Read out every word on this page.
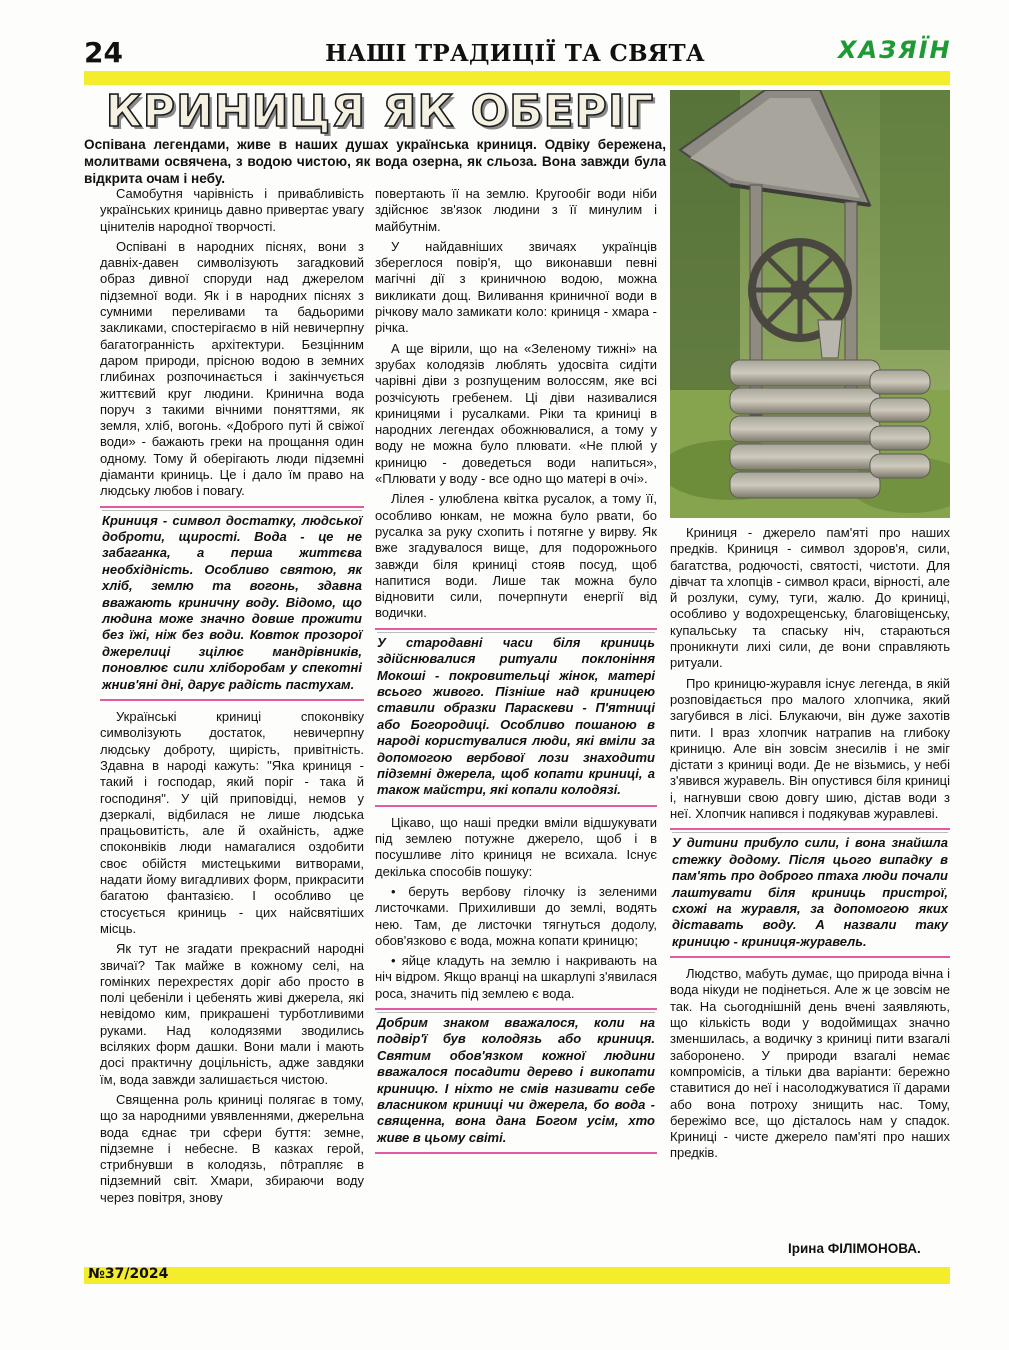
24	НАШІ ТРАДИЦІЇ ТА СВЯТА	ХАЗЯЇН
КРИНИЦЯ ЯК ОБЕРІГ
Оспівана легендами, живе в наших душах українська криниця. Одвіку бережена, молитвами освячена, з водою чистою, як вода озерна, як сльоза. Вона завжди була відкрита очам і небу.

Самобутня чарівність і привабливість українських криниць давно привертає увагу цінителів народної творчості.

Оспівані в народних піснях, вони з давніх-давен символізують загадковий образ дивної споруди над джерелом підземної води. Як і в народних піснях з сумними переливами та бадьорими закликами, спостерігаємо в ній невичерпну багатогранність архітектури. Безцінним даром природи, прісною водою в земних глибинах розпочинається і закінчується життєвий круг людини. Кринична вода поруч з такими вічними поняттями, як земля, хліб, вогонь. «Доброго путі й свіжої води» - бажають греки на прощання один одному. Тому й оберігають люди підземні діаманти криниць. Це і дало їм право на людську любов і повагу.

Криниця - символ достатку, людської доброти, щирості. Вода - це не забаганка, а перша життєва необхідність. Особливо святою, як хліб, землю та вогонь, здавна вважають криничну воду. Відомо, що людина може значно довше прожити без їжі, ніж без води. Ковток прозорої джерелиці зцілює мандрівників, поновлює сили хліборобам у спекотні жнив'яні дні, дарує радість пастухам.

Українські криниці споконвіку символізують достаток, невичерпну людську доброту, щирість, привітність. Здавна в народі кажуть: "Яка криниця - такий і господар, який поріг - така й господиня". У цій приповідці, немов у дзеркалі, відбилася не лише людська працьовитість, але й охайність, адже споконвіків люди намагалися оздобити своє обійстя мистецькими витворами, надати йому вигадливих форм, прикрасити багатою фантазією. І особливо це стосується криниць - цих найсвятіших місць.

Як тут не згадати прекрасний народні звичаї? Так майже в кожному селі, на гомінких перехрестях доріг або просто в полі цебеніли і цебенять живі джерела, які невідомо ким, прикрашені турботливими руками. Над колодязями зводились всіляких форм дашки. Вони мали і мають досі практичну доцільність, адже завдяки їм, вода завжди залишається чистою.

Священна роль криниці полягає в тому, що за народними увявленнями, джерельна вода єднає три сфери буття: земне, підземне і небесне. В казках герой, стрибнувши в колодязь, пôтрапляє в підземний світ. Хмари, збираючи воду через повітря, знову

повертають її на землю. Кругообіг води ніби здійснює зв'язок людини з її минулим і майбутнім.

У найдавніших звичаях українців збереглося повір'я, що виконавши певні магічні дії з криничною водою, можна викликати дощ. Виливання криничної води в річкову мало замикати коло: криниця - хмара - річка.

А ще вірили, що на «Зеленому тижні» на зрубах колодязів люблять удосвіта сидіти чарівні діви з розпущеним волоссям, яке всі розчісують гребенем. Ці діви називалися криницями і русалками. Ріки та криниці в народних легендах обожнювалися, а тому у воду не можна було плювати. «Не плюй у криницю - доведеться води напиться», «Плювати у воду - все одно що матері в очі».

Лілея - улюблена квітка русалок, а тому її, особливо юнкам, не можна було рвати, бо русалка за руку схопить і потягне у вирву. Як вже згадувалося вище, для подорожнього завжди біля криниці стояв посуд, щоб напитися води. Лише так можна було відновити сили, почерпнути енергії від водички.

У стародавні часи біля криниць здійснювалися ритуали поклоніння Мокоші - покровительці жінок, матері всього живого. Пізніше над криницею ставили образки Параскеви - П'ятниці або Богородиці. Особливо пошаною в народі користувалися люди, які вміли за допомогою вербової лози знаходити підземні джерела, щоб копати криниці, а також майстри, які копали колодязі.

Цікаво, що наші предки вміли відшукувати під землею потужне джерело, щоб і в посушливе літо криниця не всихала. Існує декілька способів пошуку:

• беруть вербову гілочку із зеленими листочками. Прихиливши до землі, водять нею. Там, де листочки тягнуться додолу, обов'язково є вода, можна копати криницю;

• яйце кладуть на землю і накривають на ніч відром. Якщо вранці на шкарлупі з'явилася роса, значить під землею є вода.

Добрим знаком вважалося, коли на подвір'ї був колодязь або криниця. Святим обов'язком кожної людини вважалося посадити дерево і викопати криницю. І ніхто не смів називати себе власником криниці чи джерела, бо вода - священна, вона дана Богом усім, хто живе в цьому світі.

Криниця - джерело пам'яті про наших предків. Криниця - символ здоров'я, сили, багатства, родючості, святості, чистоти. Для дівчат та хлопців - символ краси, вірності, але й розлуки, суму, туги, жалю. До криниці, особливо у водохрещенську, благовіщенську, купальську та спаську ніч, стараються проникнути лихі сили, де вони справляють ритуали.

Про криницю-журавля існує легенда, в якій розповідається про малого хлопчика, який загубився в лісі. Блукаючи, він дуже захотів пити. І враз хлопчик натрапив на глибоку криницю. Але він зовсім знесилів і не зміг дістати з криниці води. Де не візьмись, у небі з'явився журавель. Він опустився біля криниці і, нагнувши свою довгу шию, дістав води з неї. Хлопчик напився і подякував журавлеві.

У дитини прибуло сили, і вона знайшла стежку додому. Після цього випадку в пам'ять про доброго птаха люди почали лаштувати біля криниць пристрої, схожі на журавля, за допомогою яких діставать воду. А назвали таку криницю - криниця-журавель.

Людство, мабуть думає, що природа вічна і вода нікуди не подінеться. Але ж це зовсім не так. На сьогоднішній день вчені заявляють, що кількість води у водоймищах значно зменшилась, а водичку з криниці пити взагалі заборонено. У природи взагалі немає компромісів, а тільки два варіанти: бережно ставитися до неї і насолоджуватися її дарами або вона потроху знищить нас. Тому, бережімо все, що дісталось нам у спадок. Криниці - чисте джерело пам'яті про наших предків.

Ірина ФІЛІМОНОВА.
№37/2024
